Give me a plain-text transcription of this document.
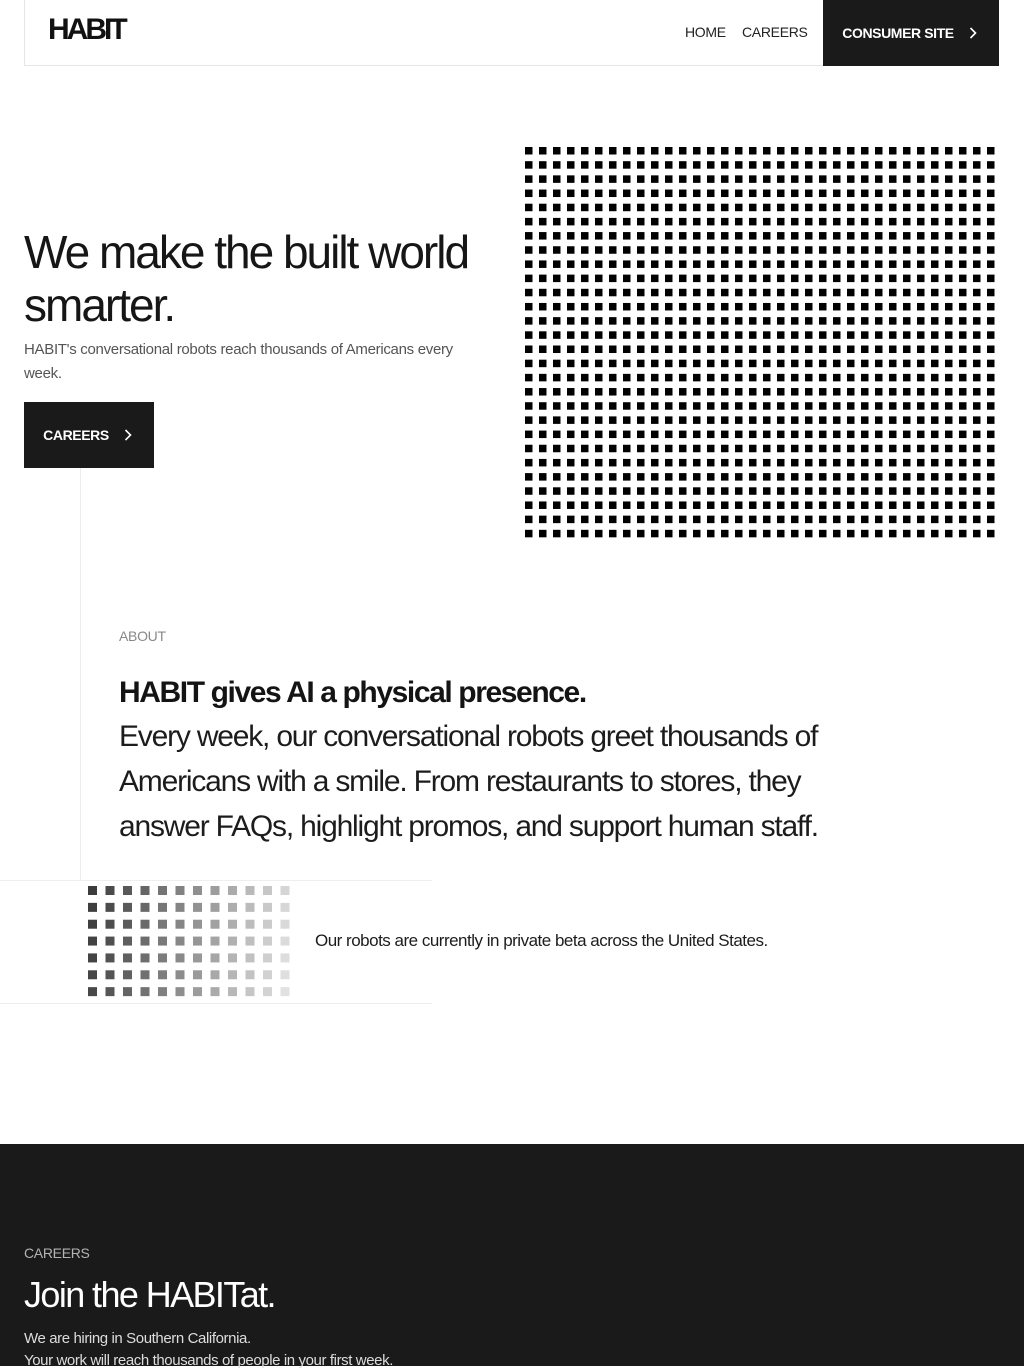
HABIT	HOME CAREERS CONSUMER SITE
We make the built world smarter.

HABIT's conversational robots reach thousands of Americans every week.

CAREERS
ABOUT
HABIT gives AI a physical presence.

Every week, our conversational robots greet thousands of Americans with a smile. From restaurants to stores, they answer FAQs, highlight promos, and support human staff.

Our robots are currently in private beta across the United States.
CAREERS
Join the HABITat.

We are hiring in Southern California.
Your work will reach thousands of people in your first week.
